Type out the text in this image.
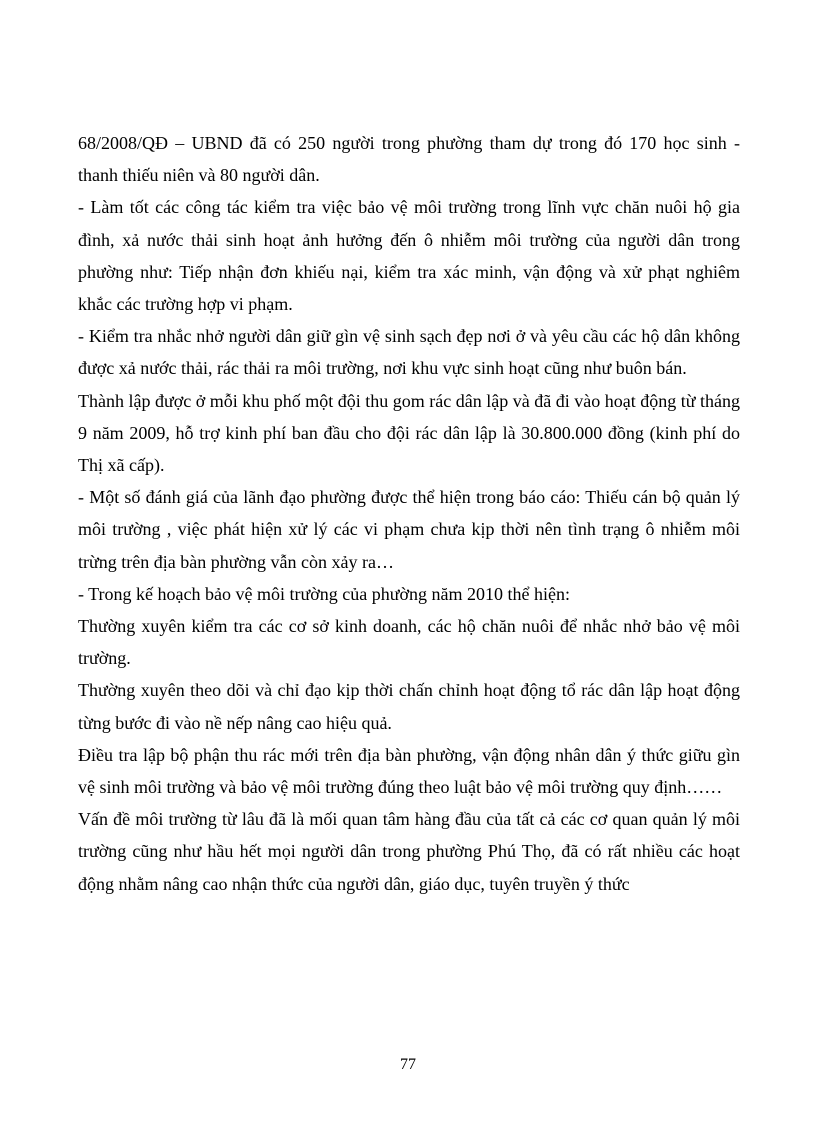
68/2008/QĐ – UBND đã có 250 người trong phường tham dự trong đó 170 học sinh - thanh thiếu niên và 80 người dân.

- Làm tốt các công tác kiểm tra việc bảo vệ môi trường trong lĩnh vực chăn nuôi hộ gia đình, xả nước thải sinh hoạt ảnh hưởng đến ô nhiễm môi trường của người dân trong phường như: Tiếp nhận đơn khiếu nại, kiểm tra xác minh, vận động và xử phạt nghiêm khắc các trường hợp vi phạm.

- Kiểm tra nhắc nhở người dân giữ gìn vệ sinh sạch đẹp nơi ở và yêu cầu các hộ dân không được xả nước thải, rác thải ra môi trường, nơi khu vực sinh hoạt cũng như buôn bán.

Thành lập được ở mỗi khu phố một đội thu gom rác dân lập và đã đi vào hoạt động từ tháng 9 năm 2009, hỗ trợ kinh phí ban đầu cho đội rác dân lập là 30.800.000 đồng (kinh phí do Thị xã cấp).

- Một số đánh giá của lãnh đạo phường được thể hiện trong báo cáo: Thiếu cán bộ quản lý môi trường , việc phát hiện xử lý các vi phạm chưa kịp thời nên tình trạng ô nhiễm môi trừng trên địa bàn phường vẫn còn xảy ra…

- Trong kế hoạch bảo vệ môi trường của phường năm 2010 thể hiện:

Thường xuyên kiểm tra các cơ sở kinh doanh, các hộ chăn nuôi để nhắc nhở bảo vệ môi trường.

Thường xuyên theo dõi và chỉ đạo kịp thời chấn chỉnh hoạt động tổ rác dân lập hoạt động từng bước đi vào nề nếp nâng cao hiệu quả.

Điều tra lập bộ phận thu rác mới trên địa bàn phường, vận động nhân dân ý thức giữu gìn vệ sinh môi trường và bảo vệ môi trường đúng theo luật bảo vệ môi trường quy định……

Vấn đề môi trường từ lâu đã là mối quan tâm hàng đầu của tất cả các cơ quan quản lý môi trường cũng như hầu hết mọi người dân trong phường Phú Thọ, đã có rất nhiều các hoạt động nhằm nâng cao nhận thức của người dân, giáo dục, tuyên truyền ý thức

77
